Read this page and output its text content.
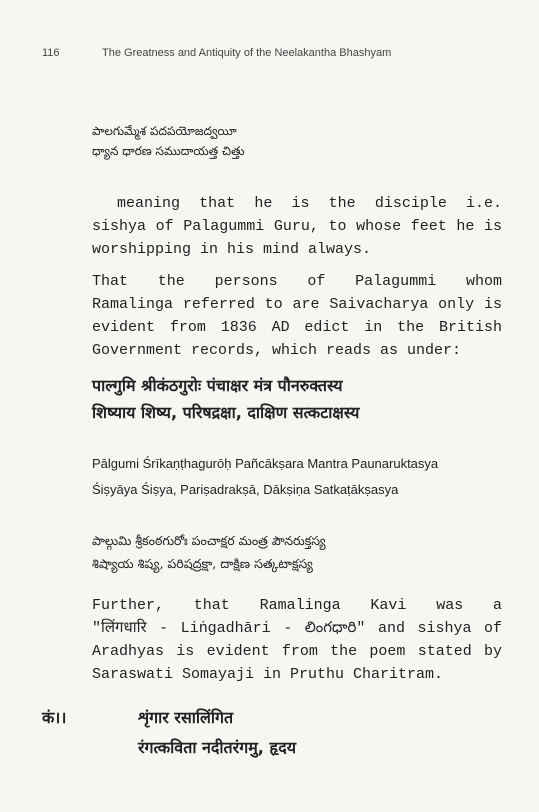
116	The Greatness and Antiquity of the Neelakantha Bhashyam
పాలగుమ్మేశ పదపయోజద్వయీ
ధ్యాన ధారణ సముదాయత్త చిత్తు
meaning that he is the disciple i.e.
sishya of Palagummi Guru, to whose feet he is
worshipping in his mind always.
That the persons of Palagummi whom
Ramalinga referred to are Saivacharya only is
evident from 1836 AD edict in the British
Government records, which reads as under:
पाल्गुमि श्रीकंठगुरोः पंचाक्षर मंत्र पौनरुक्तस्य
शिष्याय शिष्य, परिषद्रक्षा, दाक्षिण सत्कटाक्षस्य
Pālgumi Śrīkaṇṭhagurōḥ Pañcākṣara Mantra Paunaruktasya
Śiṣyāya Śiṣya, Pariṣadrakṣā, Dākṣiṇa Satkaṭākṣasya
పాల్గుమి శ్రీకంఠగురోః పంచాక్షర మంత్ర పౌనరుక్తస్య
శిష్యాయ శిష్య, పరిషద్రక్షా, దాక్షిణ సత్కటాక్షస్య
Further, that Ramalinga Kavi was a
"लिंगधारि - Liṅgadhāri - లింగధారి" and sishya of
Aradhyas is evident from the poem stated by
Saraswati Somayaji in Pruthu Charitram.
कं।।	शृंगार रसालिंगित
रंगत्कविता नदीतरंगमु, हृदय
